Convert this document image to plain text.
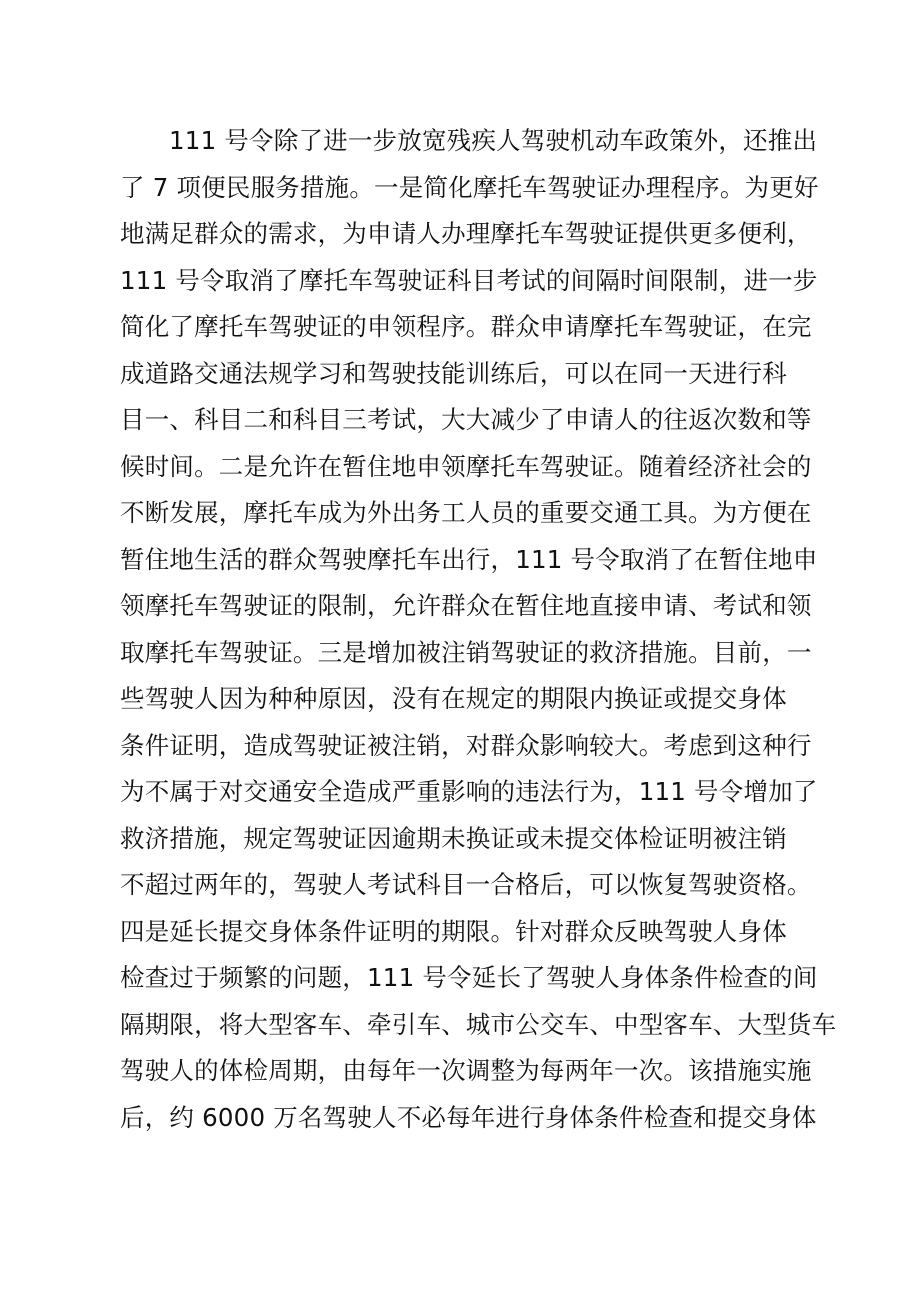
111 号令除了进一步放宽残疾人驾驶机动车政策外，还推出
了 7 项便民服务措施。一是简化摩托车驾驶证办理程序。为更好
地满足群众的需求，为申请人办理摩托车驾驶证提供更多便利，
111 号令取消了摩托车驾驶证科目考试的间隔时间限制，进一步
简化了摩托车驾驶证的申领程序。群众申请摩托车驾驶证，在完
成道路交通法规学习和驾驶技能训练后，可以在同一天进行科
目一、科目二和科目三考试，大大减少了申请人的往返次数和等
候时间。二是允许在暂住地申领摩托车驾驶证。随着经济社会的
不断发展，摩托车成为外出务工人员的重要交通工具。为方便在
暂住地生活的群众驾驶摩托车出行，111 号令取消了在暂住地申
领摩托车驾驶证的限制，允许群众在暂住地直接申请、考试和领
取摩托车驾驶证。三是增加被注销驾驶证的救济措施。目前，一
些驾驶人因为种种原因，没有在规定的期限内换证或提交身体
条件证明，造成驾驶证被注销，对群众影响较大。考虑到这种行
为不属于对交通安全造成严重影响的违法行为，111 号令增加了
救济措施，规定驾驶证因逾期未换证或未提交体检证明被注销
不超过两年的，驾驶人考试科目一合格后，可以恢复驾驶资格。
四是延长提交身体条件证明的期限。针对群众反映驾驶人身体
检查过于频繁的问题，111 号令延长了驾驶人身体条件检查的间
隔期限，将大型客车、牵引车、城市公交车、中型客车、大型货车
驾驶人的体检周期，由每年一次调整为每两年一次。该措施实施
后，约 6000 万名驾驶人不必每年进行身体条件检查和提交身体
